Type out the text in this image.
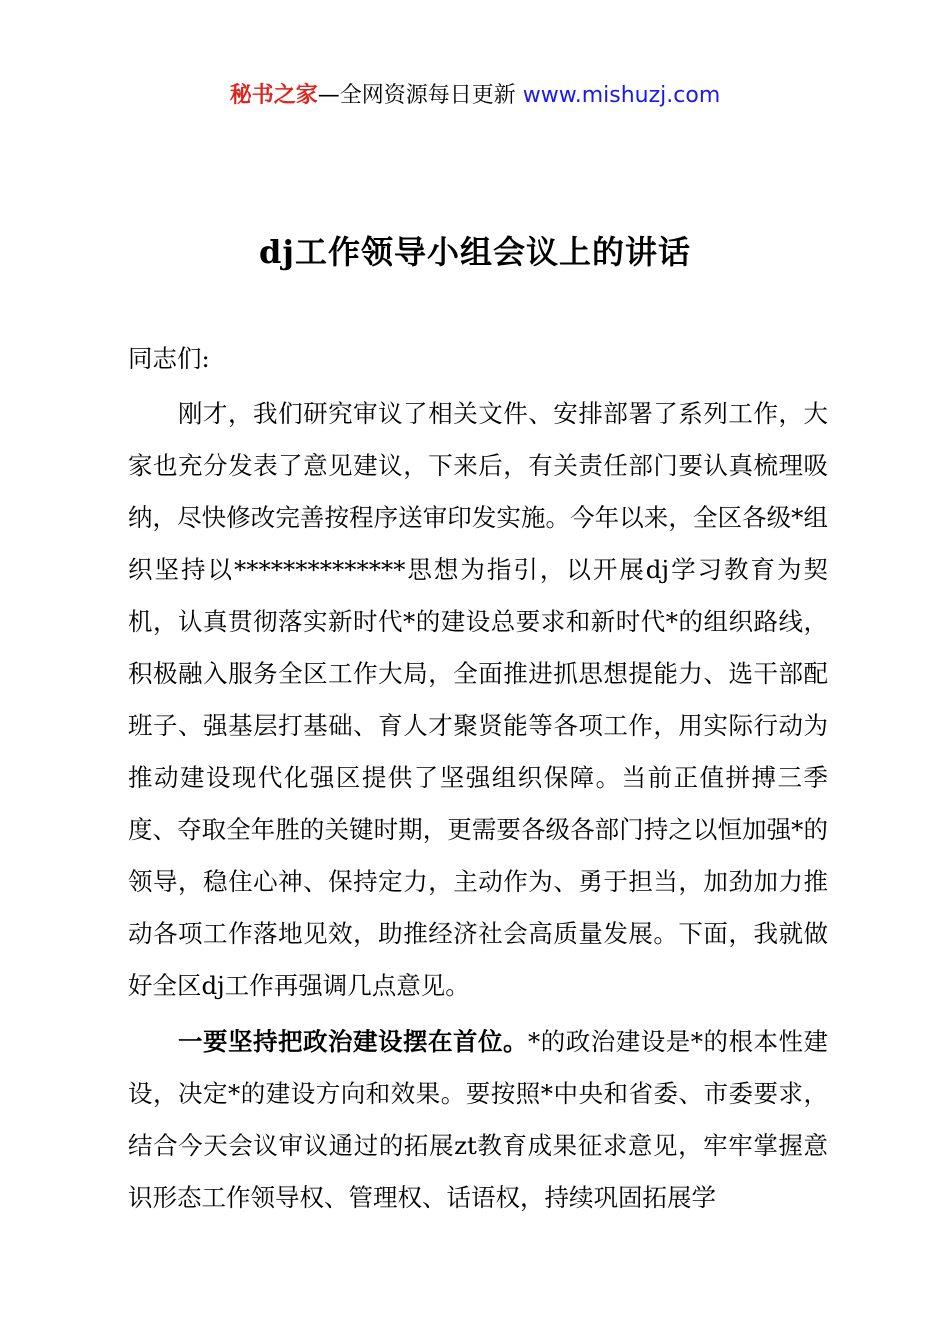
秘书之家—全网资源每日更新 www.mishuzj.com
dj工作领导小组会议上的讲话

同志们:

刚才，我们研究审议了相关文件、安排部署了系列工作，大家也充分发表了意见建议，下来后，有关责任部门要认真梳理吸纳，尽快修改完善按程序送审印发实施。今年以来，全区各级*组织坚持以**************思想为指引，以开展dj学习教育为契机，认真贯彻落实新时代*的建设总要求和新时代*的组织路线，积极融入服务全区工作大局，全面推进抓思想提能力、选干部配班子、强基层打基础、育人才聚贤能等各项工作，用实际行动为推动建设现代化强区提供了坚强组织保障。当前正值拼搏三季度、夺取全年胜的关键时期，更需要各级各部门持之以恒加强*的领导，稳住心神、保持定力，主动作为、勇于担当，加劲加力推动各项工作落地见效，助推经济社会高质量发展。下面，我就做好全区dj工作再强调几点意见。

一要坚持把政治建设摆在首位。*的政治建设是*的根本性建设，决定*的建设方向和效果。要按照*中央和省委、市委要求，结合今天会议审议通过的拓展zt教育成果征求意见，牢牢掌握意识形态工作领导权、管理权、话语权，持续巩固拓展学
